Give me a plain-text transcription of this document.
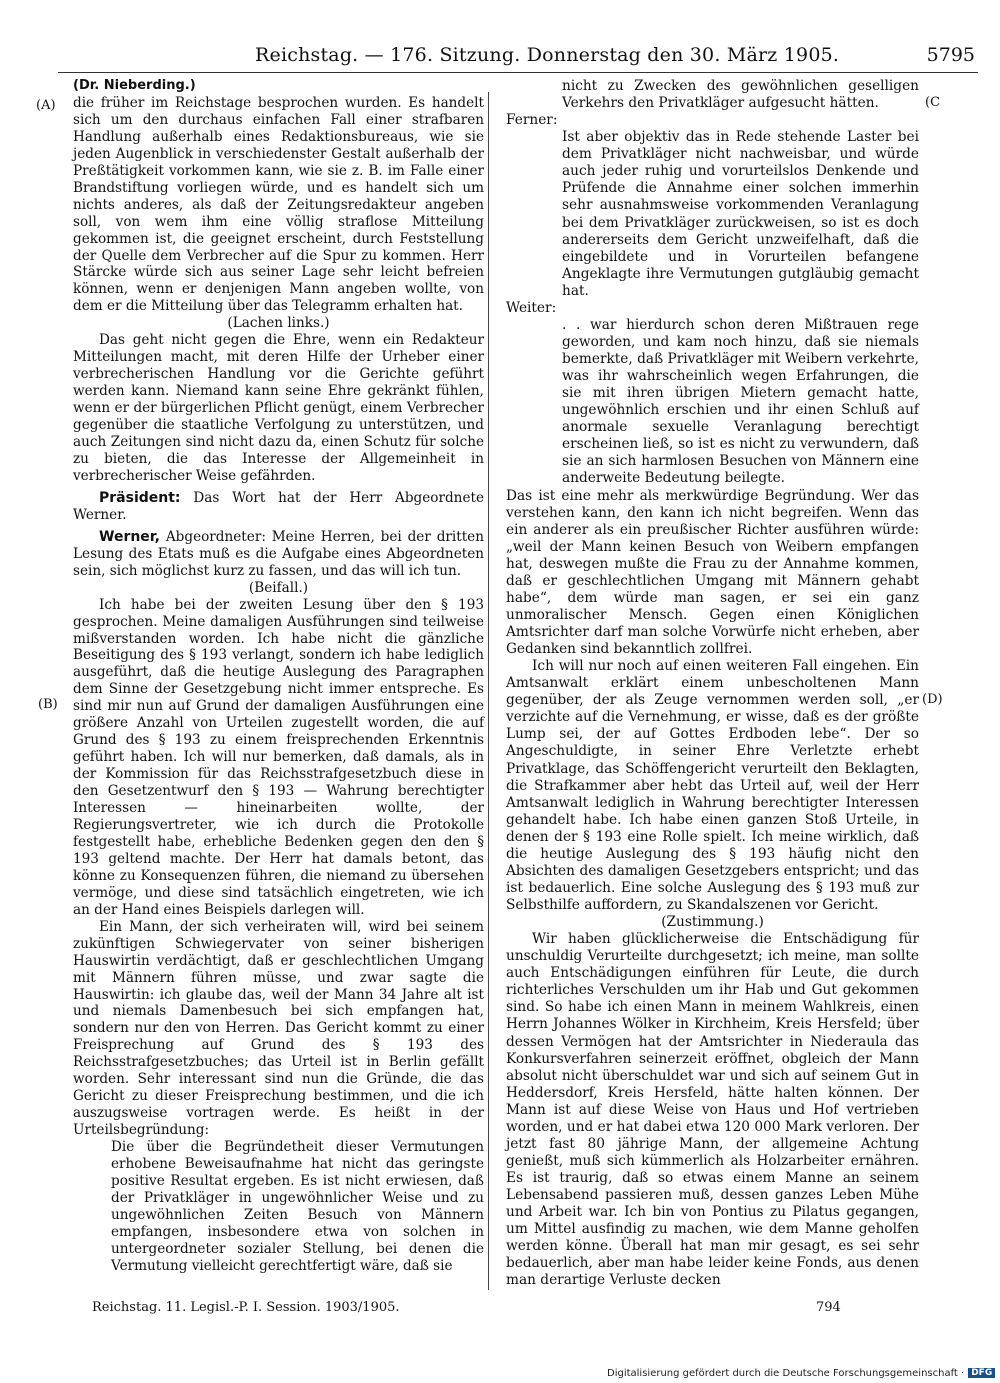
Reichstag. — 176. Sitzung. Donnerstag den 30. März 1905.	5795
(A)
(B)
(C
(D)

(Dr. Nieberding.)

die früher im Reichstage besprochen wurden. Es handelt sich um den durchaus einfachen Fall einer strafbaren Handlung außerhalb eines Redaktionsbureaus, wie sie jeden Augenblick in verschiedenster Gestalt außerhalb der Preßtätigkeit vorkommen kann, wie sie z. B. im Falle einer Brandstiftung vorliegen würde, und es handelt sich um nichts anderes, als daß der Zeitungsredakteur angeben soll, von wem ihm eine völlig straflose Mitteilung gekommen ist, die geeignet erscheint, durch Feststellung der Quelle dem Verbrecher auf die Spur zu kommen. Herr Stärcke würde sich aus seiner Lage sehr leicht befreien können, wenn er denjenigen Mann angeben wollte, von dem er die Mitteilung über das Telegramm erhalten hat.

(Lachen links.)

Das geht nicht gegen die Ehre, wenn ein Redakteur Mitteilungen macht, mit deren Hilfe der Urheber einer verbrecherischen Handlung vor die Gerichte geführt werden kann. Niemand kann seine Ehre gekränkt fühlen, wenn er der bürgerlichen Pflicht genügt, einem Verbrecher gegenüber die staatliche Verfolgung zu unterstützen, und auch Zeitungen sind nicht dazu da, einen Schutz für solche zu bieten, die das Interesse der Allgemeinheit in verbrecherischer Weise gefährden.

Präsident: Das Wort hat der Herr Abgeordnete Werner.

Werner, Abgeordneter: Meine Herren, bei der dritten Lesung des Etats muß es die Aufgabe eines Abgeordneten sein, sich möglichst kurz zu fassen, und das will ich tun.

(Beifall.)

Ich habe bei der zweiten Lesung über den § 193 gesprochen. Meine damaligen Ausführungen sind teilweise mißverstanden worden. Ich habe nicht die gänzliche Beseitigung des § 193 verlangt, sondern ich habe lediglich ausgeführt, daß die heutige Auslegung des Paragraphen dem Sinne der Gesetzgebung nicht immer entspreche. Es sind mir nun auf Grund der damaligen Ausführungen eine größere Anzahl von Urteilen zugestellt worden, die auf Grund des § 193 zu einem freisprechenden Erkenntnis geführt haben. Ich will nur bemerken, daß damals, als in der Kommission für das Reichsstrafgesetzbuch diese in den Gesetzentwurf den § 193 — Wahrung berechtigter Interessen — hineinarbeiten wollte, der Regierungsvertreter, wie ich durch die Protokolle festgestellt habe, erhebliche Bedenken gegen den den § 193 geltend machte. Der Herr hat damals betont, das könne zu Konsequenzen führen, die niemand zu übersehen vermöge, und diese sind tatsächlich eingetreten, wie ich an der Hand eines Beispiels darlegen will.

Ein Mann, der sich verheiraten will, wird bei seinem zukünftigen Schwiegervater von seiner bisherigen Hauswirtin verdächtigt, daß er geschlechtlichen Umgang mit Männern führen müsse, und zwar sagte die Hauswirtin: ich glaube das, weil der Mann 34 Jahre alt ist und niemals Damenbesuch bei sich empfangen hat, sondern nur den von Herren. Das Gericht kommt zu einer Freisprechung auf Grund des § 193 des Reichsstrafgesetzbuches; das Urteil ist in Berlin gefällt worden. Sehr interessant sind nun die Gründe, die das Gericht zu dieser Freisprechung bestimmen, und die ich auszugsweise vortragen werde. Es heißt in der Urteilsbegründung:

Die über die Begründetheit dieser Vermutungen erhobene Beweisaufnahme hat nicht das geringste positive Resultat ergeben. Es ist nicht erwiesen, daß der Privatkläger in ungewöhnlicher Weise und zu ungewöhnlichen Zeiten Besuch von Männern empfangen, insbesondere etwa von solchen in untergeordneter sozialer Stellung, bei denen die Vermutung vielleicht gerechtfertigt wäre, daß sie

nicht zu Zwecken des gewöhnlichen geselligen Verkehrs den Privatkläger aufgesucht hätten.

Ferner:

Ist aber objektiv das in Rede stehende Laster bei dem Privatkläger nicht nachweisbar, und würde auch jeder ruhig und vorurteilslos Denkende und Prüfende die Annahme einer solchen immerhin sehr ausnahmsweise vorkommenden Veranlagung bei dem Privatkläger zurückweisen, so ist es doch andererseits dem Gericht unzweifelhaft, daß die eingebildete und in Vorurteilen befangene Angeklagte ihre Vermutungen gutgläubig gemacht hat.

Weiter:

. . war hierdurch schon deren Mißtrauen rege geworden, und kam noch hinzu, daß sie niemals bemerkte, daß Privatkläger mit Weibern verkehrte, was ihr wahrscheinlich wegen Erfahrungen, die sie mit ihren übrigen Mietern gemacht hatte, ungewöhnlich erschien und ihr einen Schluß auf anormale sexuelle Veranlagung berechtigt erscheinen ließ, so ist es nicht zu verwundern, daß sie an sich harmlosen Besuchen von Männern eine anderweite Bedeutung beilegte.

Das ist eine mehr als merkwürdige Begründung. Wer das verstehen kann, den kann ich nicht begreifen. Wenn das ein anderer als ein preußischer Richter ausführen würde: „weil der Mann keinen Besuch von Weibern empfangen hat, deswegen mußte die Frau zu der Annahme kommen, daß er geschlechtlichen Umgang mit Männern gehabt habe“, dem würde man sagen, er sei ein ganz unmoralischer Mensch. Gegen einen Königlichen Amtsrichter darf man solche Vorwürfe nicht erheben, aber Gedanken sind bekanntlich zollfrei.

Ich will nur noch auf einen weiteren Fall eingehen. Ein Amtsanwalt erklärt einem unbescholtenen Mann gegenüber, der als Zeuge vernommen werden soll, „er verzichte auf die Vernehmung, er wisse, daß es der größte Lump sei, der auf Gottes Erdboden lebe“. Der so Angeschuldigte, in seiner Ehre Verletzte erhebt Privatklage, das Schöffengericht verurteilt den Beklagten, die Strafkammer aber hebt das Urteil auf, weil der Herr Amtsanwalt lediglich in Wahrung berechtigter Interessen gehandelt habe. Ich habe einen ganzen Stoß Urteile, in denen der § 193 eine Rolle spielt. Ich meine wirklich, daß die heutige Auslegung des § 193 häufig nicht den Absichten des damaligen Gesetzgebers entspricht; und das ist bedauerlich. Eine solche Auslegung des § 193 muß zur Selbsthilfe auffordern, zu Skandalszenen vor Gericht.

(Zustimmung.)

Wir haben glücklicherweise die Entschädigung für unschuldig Verurteilte durchgesetzt; ich meine, man sollte auch Entschädigungen einführen für Leute, die durch richterliches Verschulden um ihr Hab und Gut gekommen sind. So habe ich einen Mann in meinem Wahlkreis, einen Herrn Johannes Wölker in Kirchheim, Kreis Hersfeld; über dessen Vermögen hat der Amtsrichter in Niederaula das Konkursverfahren seinerzeit eröffnet, obgleich der Mann absolut nicht überschuldet war und sich auf seinem Gut in Heddersdorf, Kreis Hersfeld, hätte halten können. Der Mann ist auf diese Weise von Haus und Hof vertrieben worden, und er hat dabei etwa 120 000 Mark verloren. Der jetzt fast 80 jährige Mann, der allgemeine Achtung genießt, muß sich kümmerlich als Holzarbeiter ernähren. Es ist traurig, daß so etwas einem Manne an seinem Lebensabend passieren muß, dessen ganzes Leben Mühe und Arbeit war. Ich bin von Pontius zu Pilatus gegangen, um Mittel ausfindig zu machen, wie dem Manne geholfen werden könne. Überall hat man mir gesagt, es sei sehr bedauerlich, aber man habe leider keine Fonds, aus denen man derartige Verluste decken

Reichstag. 11. Legisl.-P. I. Session. 1903/1905.	794
Digitalisierung gefördert durch die Deutsche Forschungsgemeinschaft · DFG
